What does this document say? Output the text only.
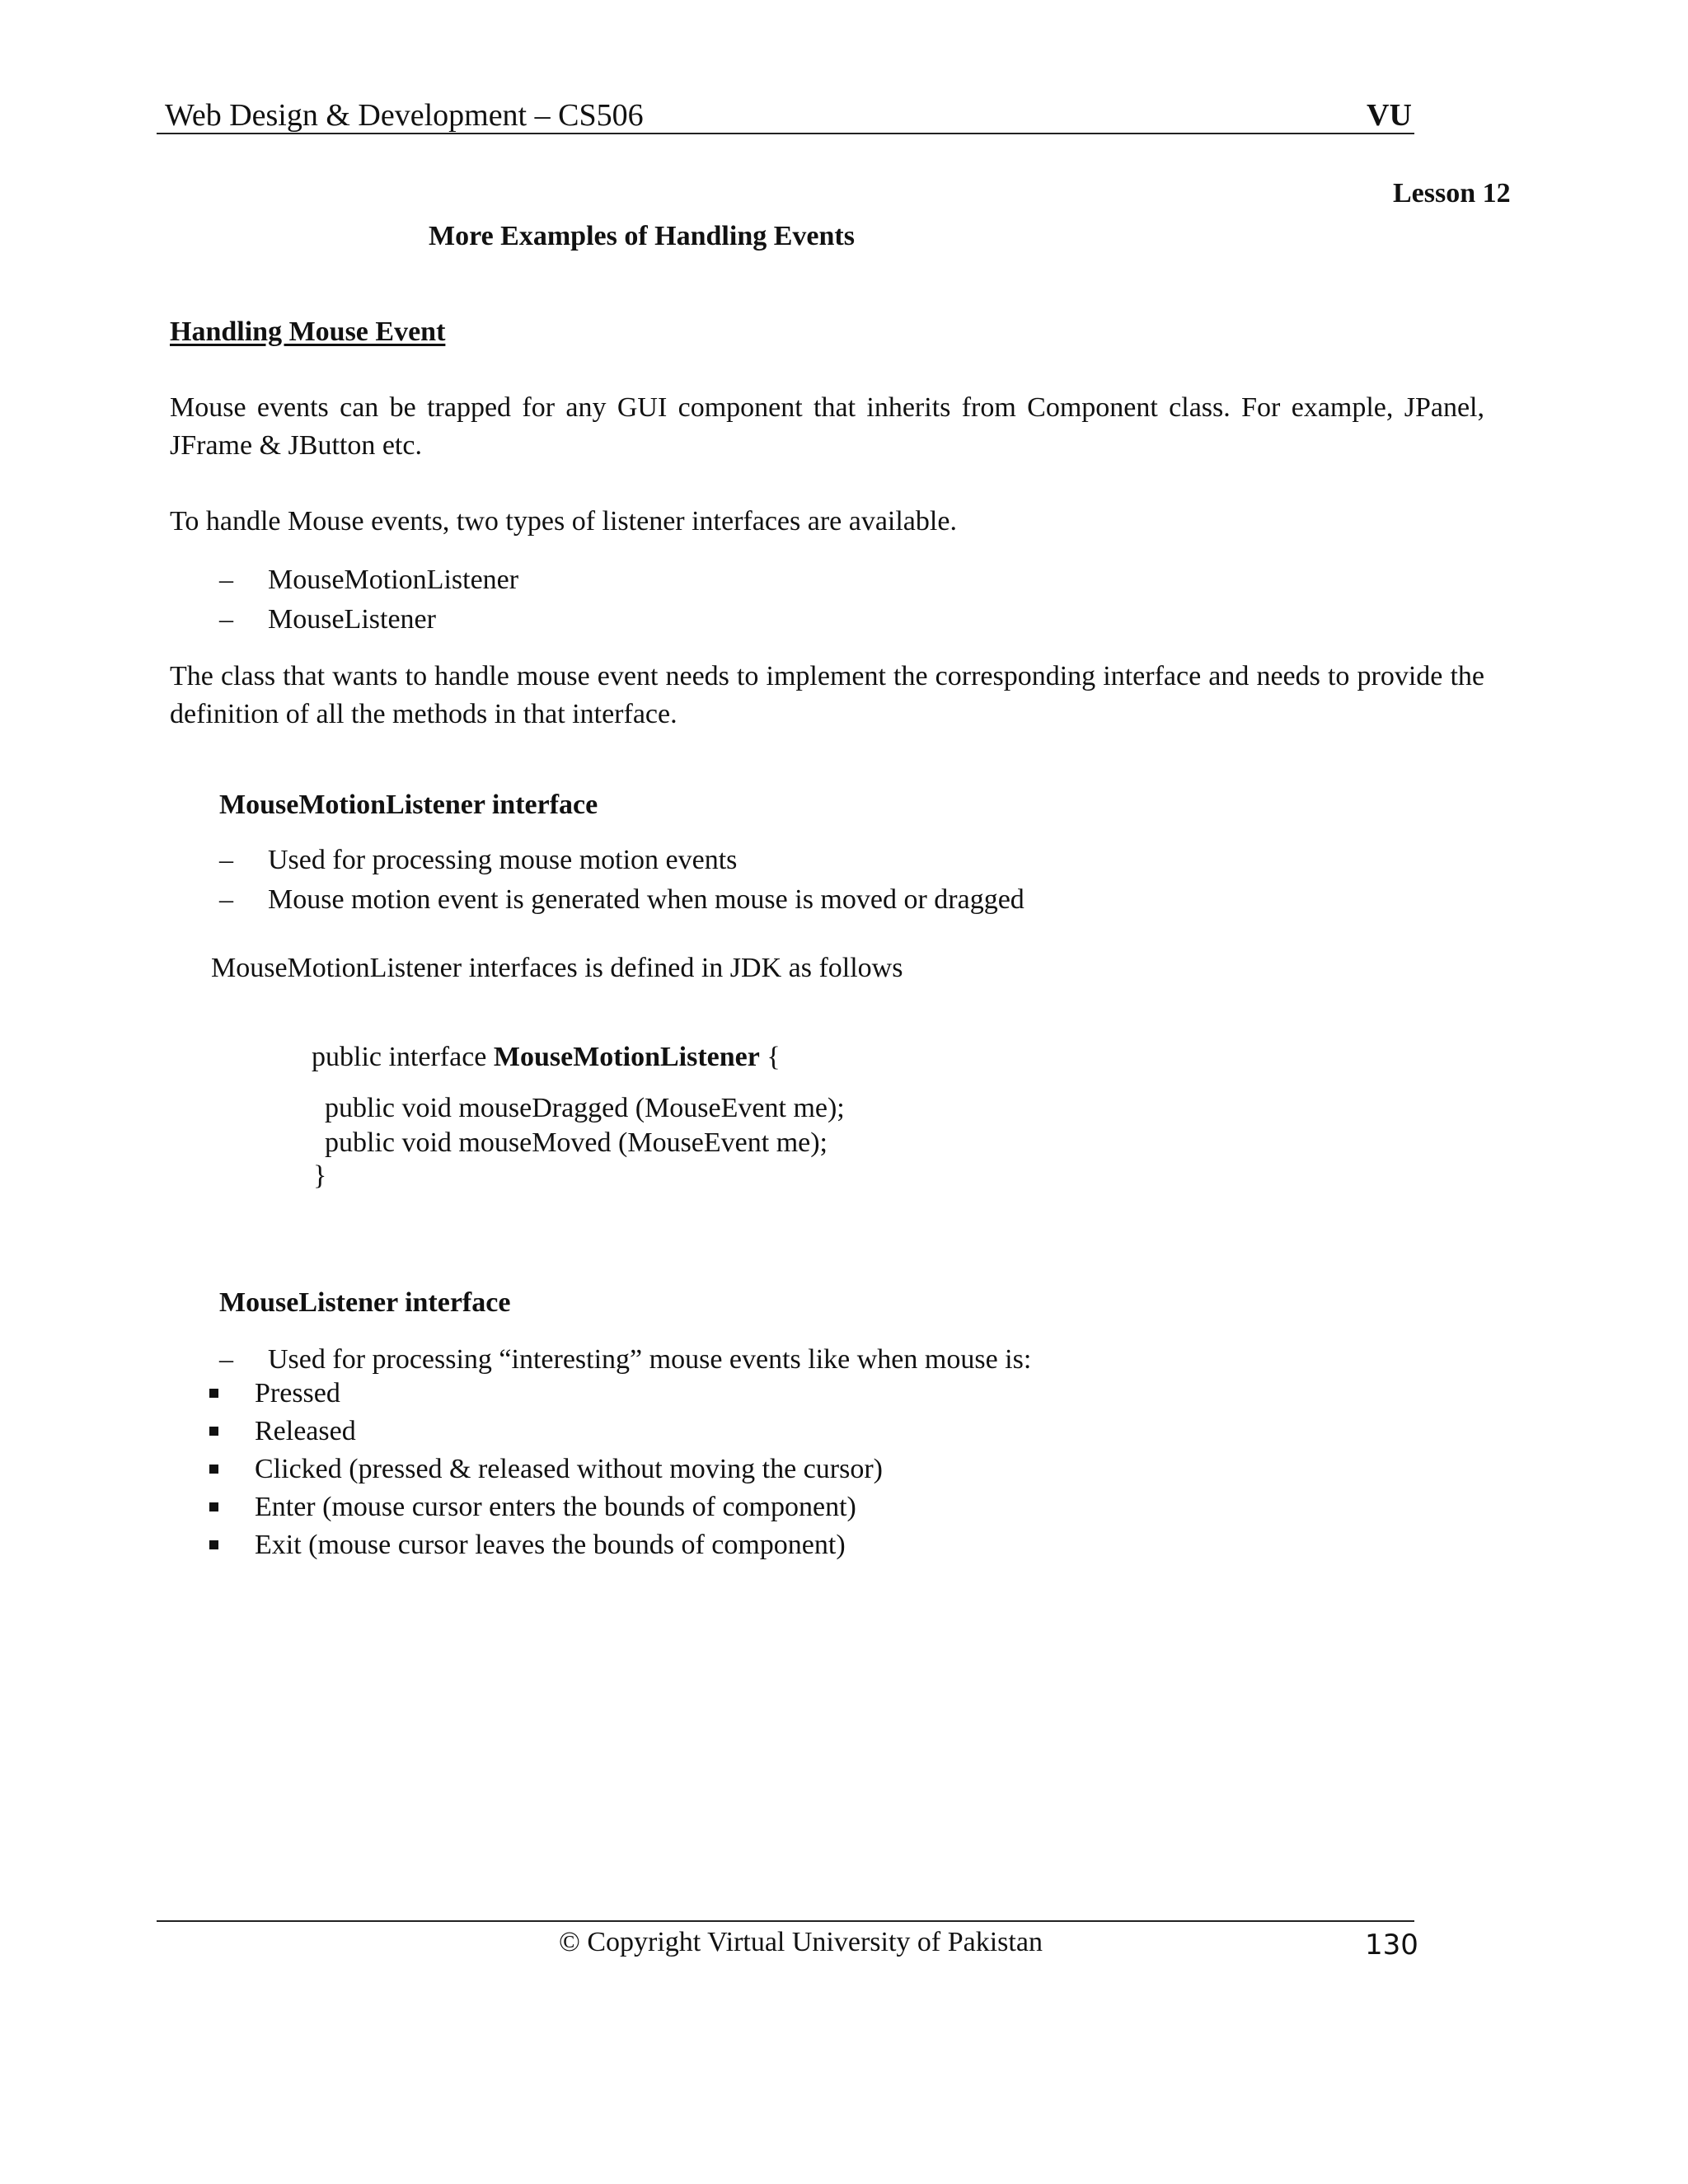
Web Design & Development – CS506	VU
Lesson 12
More Examples of Handling Events
Handling Mouse Event
Mouse events can be trapped for any GUI component that inherits from Component class. For example, JPanel, JFrame & JButton etc.
To handle Mouse events, two types of listener interfaces are available.
– MouseMotionListener
– MouseListener
The class that wants to handle mouse event needs to implement the corresponding interface and needs to provide the definition of all the methods in that interface.
MouseMotionListener interface
– Used for processing mouse motion events
– Mouse motion event is generated when mouse is moved or dragged
MouseMotionListener interfaces is defined in JDK as follows
public interface MouseMotionListener {
public void mouseDragged (MouseEvent me);
public void mouseMoved (MouseEvent me);
}
MouseListener interface
– Used for processing “interesting” mouse events like when mouse is:
Pressed
Released
Clicked (pressed & released without moving the cursor)
Enter (mouse cursor enters the bounds of component)
Exit (mouse cursor leaves the bounds of component)
© Copyright Virtual University of Pakistan	130
